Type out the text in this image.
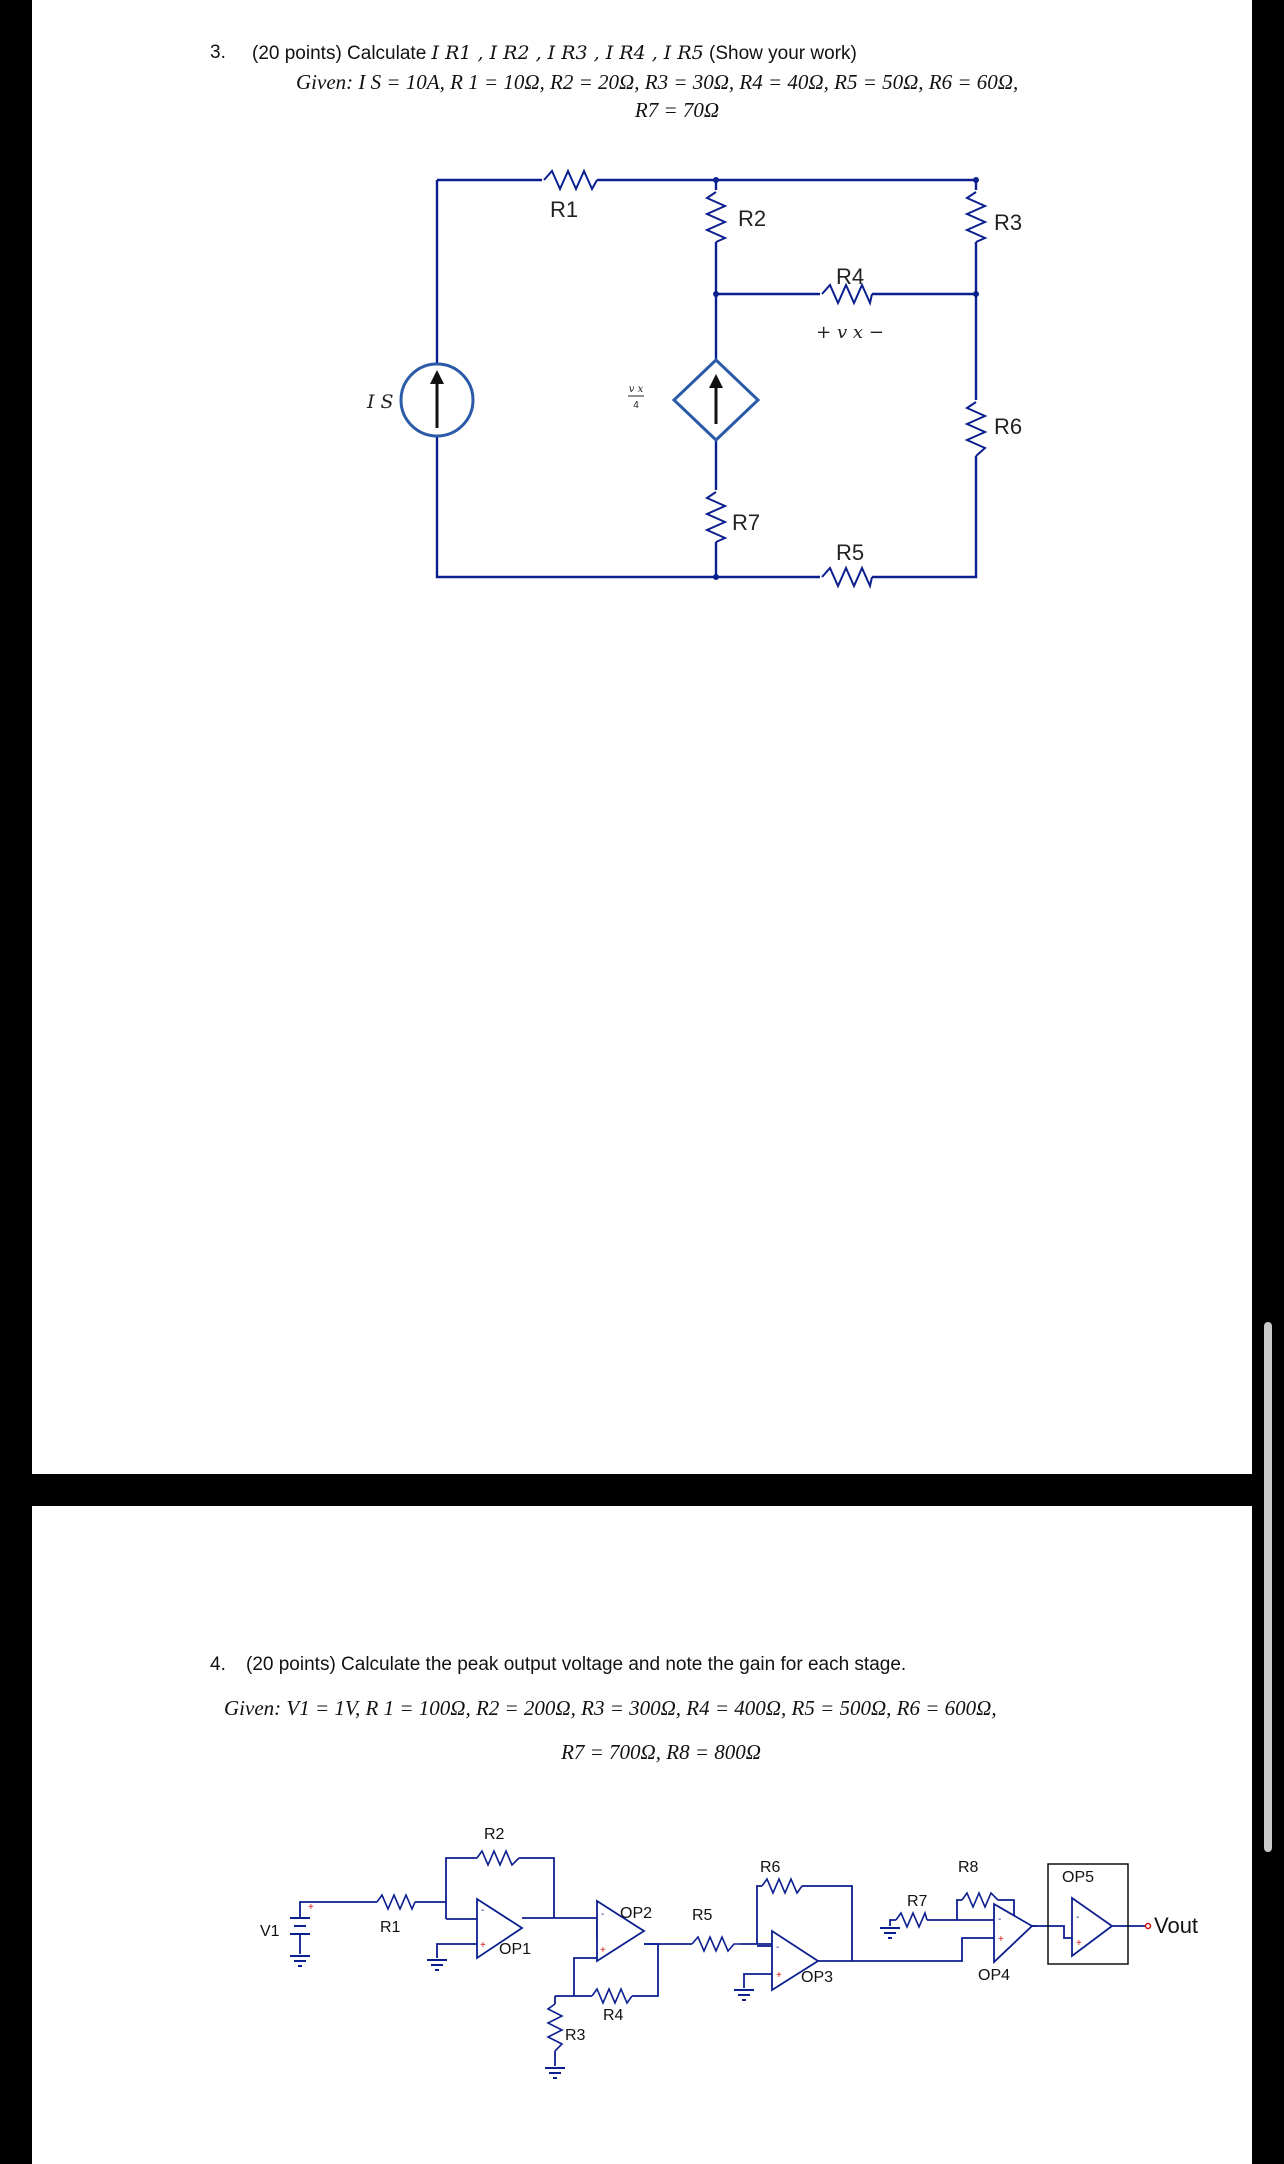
3. (20 points) Calculate I R1 , I R2 , I R3 , I R4 , I R5 (Show your work)
Given: I S = 10A, R 1 = 10Ω, R2 = 20Ω, R3 = 30Ω, R4 = 40Ω, R5 = 50Ω, R6 = 60Ω,
R7 = 70Ω
R1	R2	R3
R4
R6
R7
R5
I S
+ v x −
v x
4
4. (20 points) Calculate the peak output voltage and note the gain for each stage.
Given: V1 = 1V, R 1 = 100Ω, R2 = 200Ω, R3 = 300Ω, R4 = 400Ω, R5 = 500Ω, R6 = 600Ω,
R7 = 700Ω, R8 = 800Ω
+
+
+
+
+
-	-
-
-	-
+
V1	R1
R2
OP1
OP2 R5
R3
R4
R6
OP3
R7
R8
OP4
OP5
Vout
